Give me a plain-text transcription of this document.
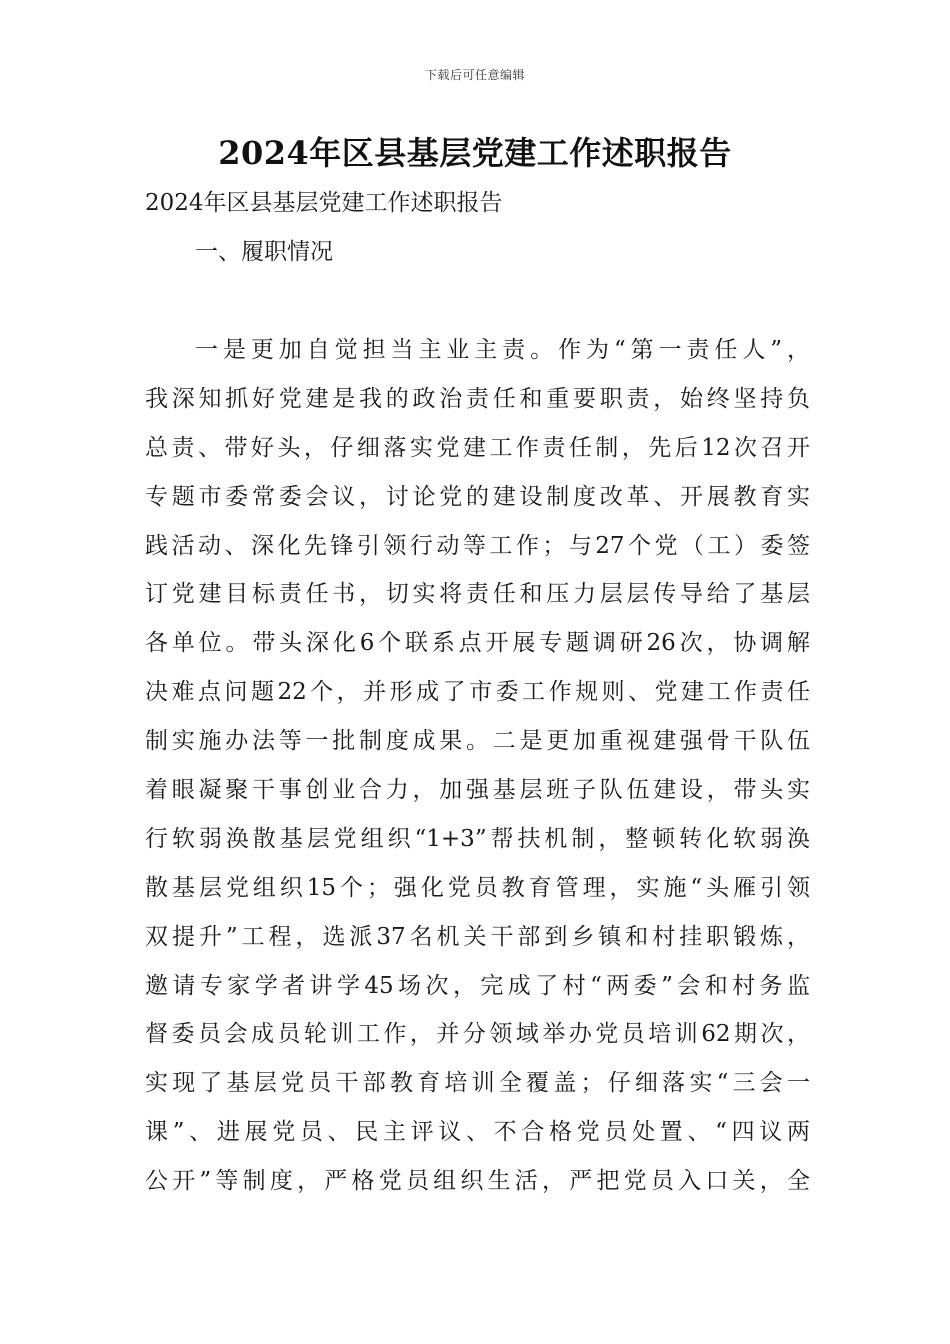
下载后可任意编辑
2024年区县基层党建工作述职报告
2024年区县基层党建工作述职报告
一、履职情况
一是更加自觉担当主业主责。作为“第一责任人”，
我深知抓好党建是我的政治责任和重要职责，始终坚持负
总责、带好头，仔细落实党建工作责任制，先后12次召开
专题市委常委会议，讨论党的建设制度改革、开展教育实
践活动、深化先锋引领行动等工作；与27个党（工）委签
订党建目标责任书，切实将责任和压力层层传导给了基层
各单位。带头深化6个联系点开展专题调研26次，协调解
决难点问题22个，并形成了市委工作规则、党建工作责任
制实施办法等一批制度成果。二是更加重视建强骨干队伍
着眼凝聚干事创业合力，加强基层班子队伍建设，带头实
行软弱涣散基层党组织“1+3”帮扶机制，整顿转化软弱涣
散基层党组织15个；强化党员教育管理，实施“头雁引领
双提升”工程，选派37名机关干部到乡镇和村挂职锻炼，
邀请专家学者讲学45场次，完成了村“两委”会和村务监
督委员会成员轮训工作，并分领域举办党员培训62期次，
实现了基层党员干部教育培训全覆盖；仔细落实“三会一
课”、进展党员、民主评议、不合格党员处置、“四议两
公开”等制度，严格党员组织生活，严把党员入口关，全
